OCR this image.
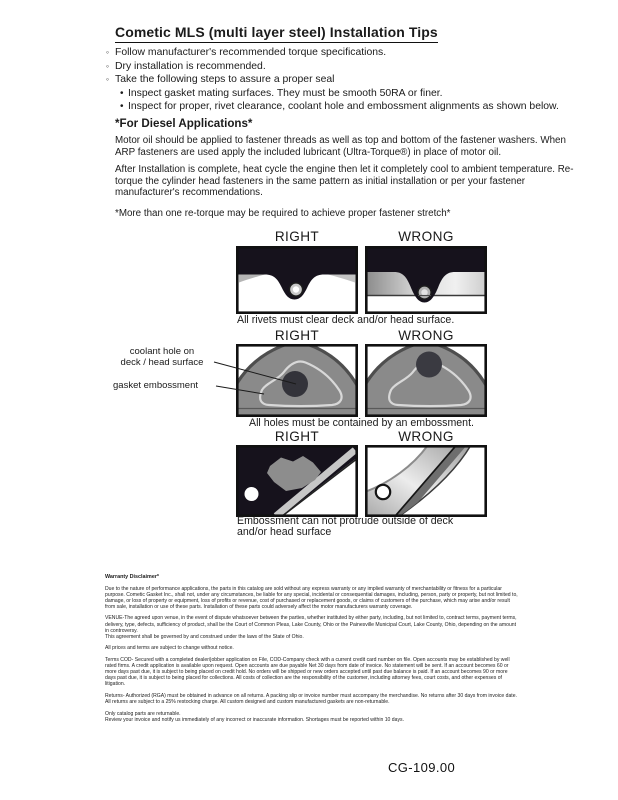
Cometic MLS (multi layer steel) Installation Tips
◦ Follow manufacturer's recommended torque specifications.
◦ Dry installation is recommended.
◦ Take the following steps to assure a proper seal
• Inspect gasket mating surfaces. They must be smooth 50RA or finer.
• Inspect for proper, rivet clearance, coolant hole and embossment alignments as shown below.
*For Diesel Applications*
Motor oil should be applied to fastener threads as well as top and bottom of the fastener washers. When ARP fasteners are used apply the included lubricant (Ultra-Torque®) in place of motor oil.
After Installation is complete, heat cycle the engine then let it completely cool to ambient temperature. Re-torque the cylinder head fasteners in the same pattern as initial installation or per your fastener manufacturer's recommendations.
*More than one re-torque may be required to achieve proper fastener stretch*
RIGHT	WRONG
All rivets must clear deck and/or head surface.
RIGHT	WRONG
coolant hole on
deck / head surface
gasket embossment
All holes must be contained by an embossment.
RIGHT	WRONG
Embossment can not protrude outside of deck
and/or head surface

Warranty Disclaimer*

Due to the nature of performance applications, the parts in this catalog are sold without any express warranty or any implied warranty of merchantability or fitness for a particular purpose. Cometic Gasket Inc., shall not, under any circumstances, be liable for any special, incidental or consequential damages, including, person, party or property, but not limited to, damage, or loss of property or equipment, loss of profits or revenue, cost of purchased or replacement goods, or claims of customers of the purchase, which may arise and/or result from sale, installation or use of these parts. Installation of these parts could adversely affect the motor manufacturers warranty coverage.

VENUE-The agreed upon venue, in the event of dispute whatsoever between the parties, whether instituted by either party, including, but not limited to, contract terms, payment terms, delivery, type, defects, sufficiency of product, shall be the Court of Common Pleas, Lake County, Ohio or the Painesville Municipal Court, Lake County, Ohio, depending on the amount in controversy.

This agreement shall be governed by and construed under the laws of the State of Ohio.

All prices and terms are subject to change without notice.

Terms COD- Secured with a completed dealer/jobber application on File, COD-Company check with a current credit card number on file. Open accounts may be established by well rated firms. A credit application is available upon request. Open accounts are due payable Net 30 days from date of invoice. No statement will be sent. If an account becomes 60 or more days past due, it is subject to being placed on credit hold. No orders will be shipped or new orders accepted until past due balance is paid. If an account becomes 90 or more days past due, it is subject to being placed for collections. All costs of collection are the responsibility of the customer, including attorney fees, court costs, and other expenses of litigation.

Returns- Authorized (RGA) must be obtained in advance on all returns. A packing slip or invoice number must accompany the merchandise. No returns after 30 days from invoice date. All returns are subject to a 25% restocking charge. All custom designed and custom manufactured gaskets are non-returnable.

Only catalog parts are returnable.

Review your invoice and notify us immediately of any incorrect or inaccurate information. Shortages must be reported within 10 days.

CG-109.00
